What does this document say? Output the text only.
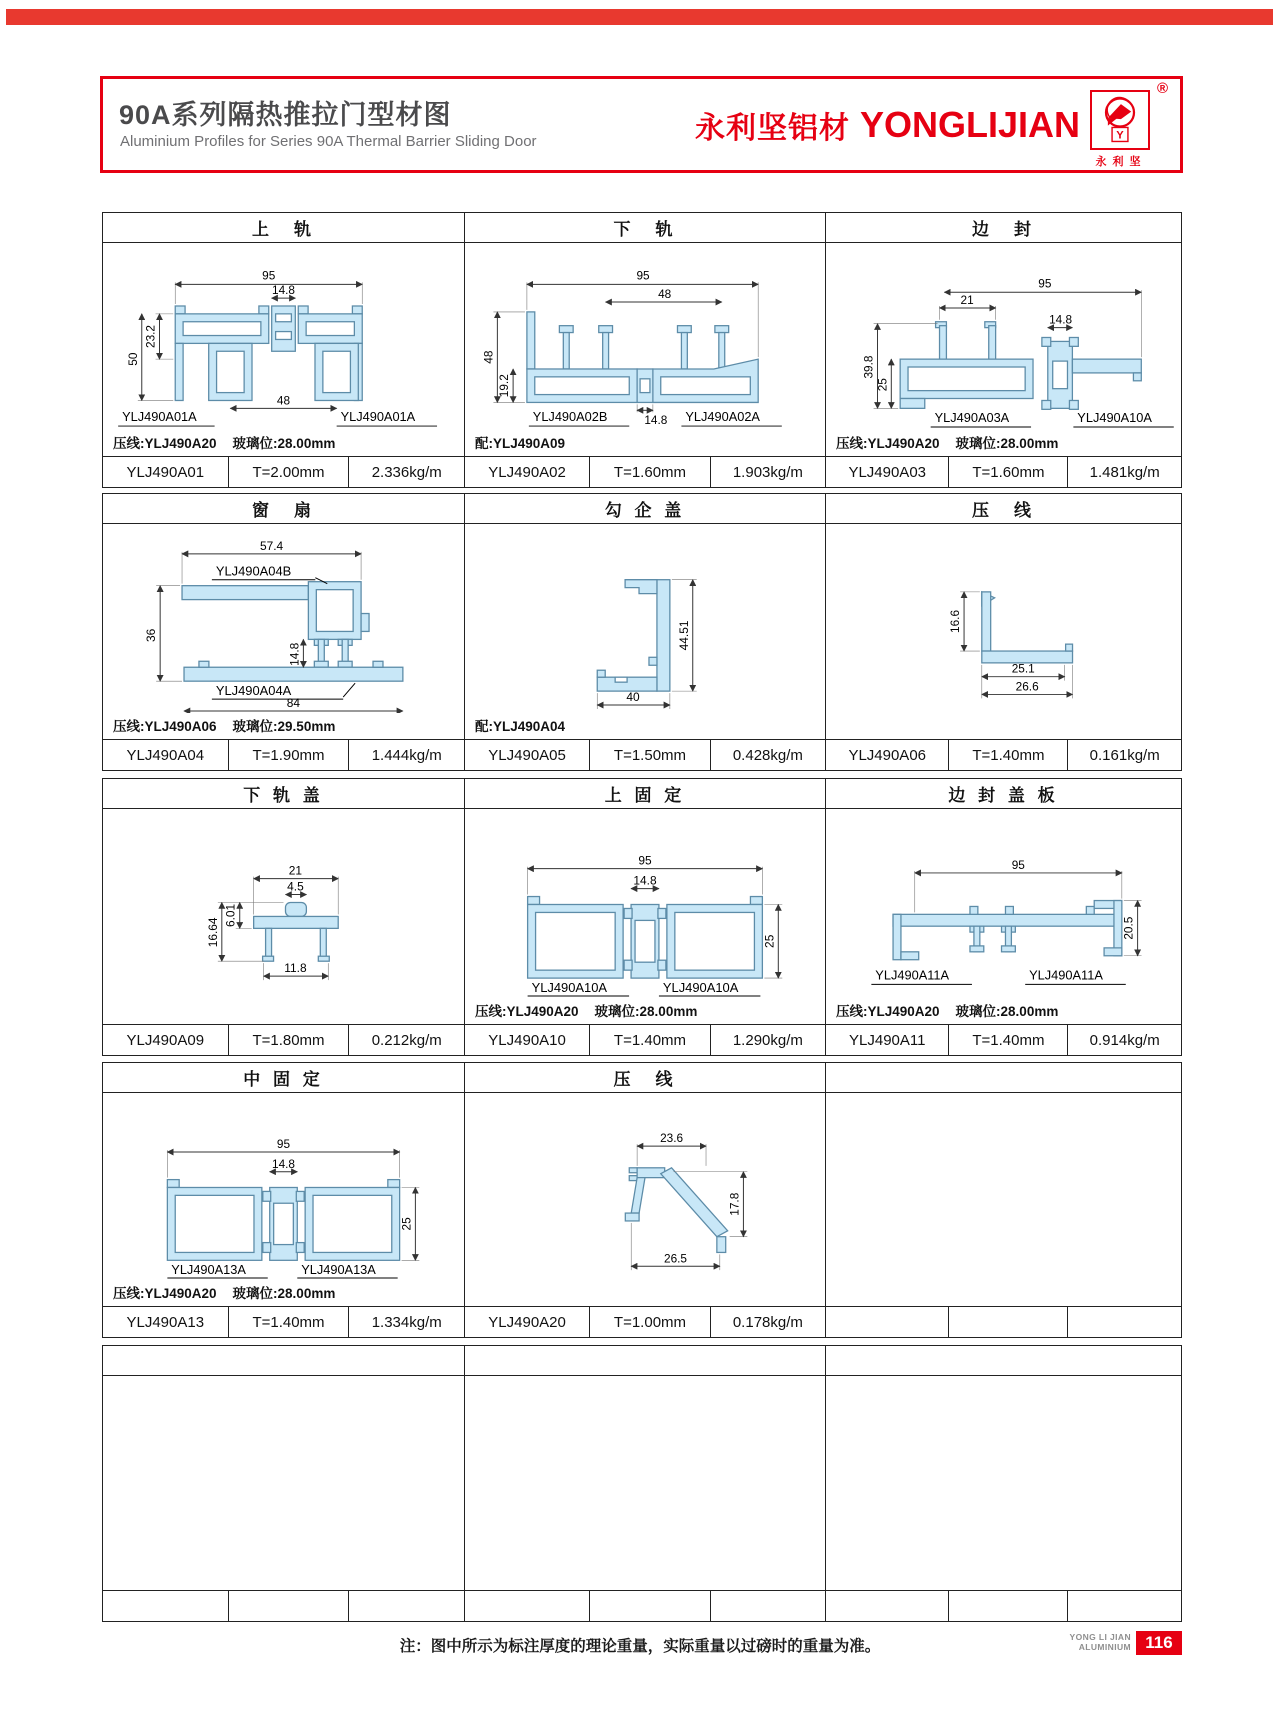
90A系列隔热推拉门型材图
Aluminium Profiles for Series 90A Thermal Barrier Sliding Door	永利坚铝材 YONGLIJIAN	Y
®
永利坚
上　轨
95
14.8
23.2
50
48
YLJ490A01A	YLJ490A01A
压线:YLJ490A20 玻璃位:28.00mm
YLJ490A01	T=2.00mm	2.336kg/m
下　轨
95
48
48
19.2
14.8
YLJ490A02B	YLJ490A02A
配:YLJ490A09
YLJ490A02	T=1.60mm	1.903kg/m
边　封
95
21
14.8
39.8
25
YLJ490A03A	YLJ490A10A
压线:YLJ490A20 玻璃位:28.00mm
YLJ490A03	T=1.60mm	1.481kg/m
窗　扇
57.4
36
14.8
84
YLJ490A04B
YLJ490A04A
压线:YLJ490A06 玻璃位:29.50mm
YLJ490A04	T=1.90mm	1.444kg/m
勾 企 盖
44.51
40
配:YLJ490A04
YLJ490A05	T=1.50mm	0.428kg/m
压　线
16.6
25.1
26.6
YLJ490A06	T=1.40mm	0.161kg/m
下 轨 盖
21
4.5
6.01
16.64
11.8
YLJ490A09	T=1.80mm	0.212kg/m
上 固 定
95
14.8
25
YLJ490A10A	YLJ490A10A
压线:YLJ490A20 玻璃位:28.00mm
YLJ490A10	T=1.40mm	1.290kg/m
边 封 盖 板
95
20.5
YLJ490A11A	YLJ490A11A
压线:YLJ490A20 玻璃位:28.00mm
YLJ490A11	T=1.40mm	0.914kg/m
中 固 定
95
14.8
25
YLJ490A13A	YLJ490A13A
压线:YLJ490A20 玻璃位:28.00mm
YLJ490A13	T=1.40mm	1.334kg/m
压　线
23.6
17.8
26.5
YLJ490A20	T=1.00mm	0.178kg/m
注：图中所示为标注厚度的理论重量，实际重量以过磅时的重量为准。
YONG LI JIAN
ALUMINIUM 116
